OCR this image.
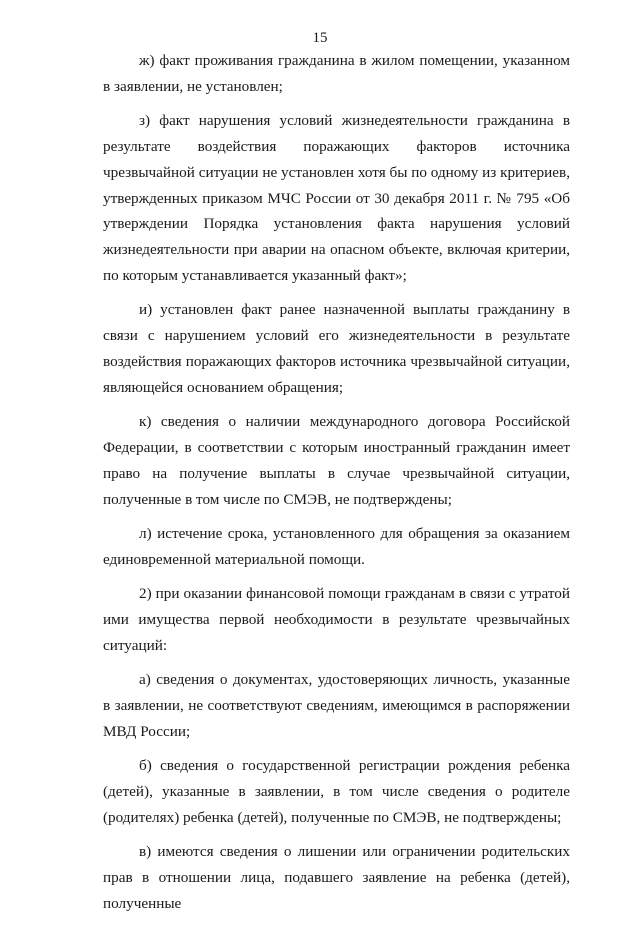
15

ж) факт проживания гражданина в жилом помещении, указанном в заявлении, не установлен;

з) факт нарушения условий жизнедеятельности гражданина в результате воздействия поражающих факторов источника чрезвычайной ситуации не установлен хотя бы по одному из критериев, утвержденных приказом МЧС России от 30 декабря 2011 г. № 795 «Об утверждении Порядка установления факта нарушения условий жизнедеятельности при аварии на опасном объекте, включая критерии, по которым устанавливается указанный факт»;

и) установлен факт ранее назначенной выплаты гражданину в связи с нарушением условий его жизнедеятельности в результате воздействия поражающих факторов источника чрезвычайной ситуации, являющейся основанием обращения;

к) сведения о наличии международного договора Российской Федерации, в соответствии с которым иностранный гражданин имеет право на получение выплаты в случае чрезвычайной ситуации, полученные в том числе по СМЭВ, не подтверждены;

л) истечение срока, установленного для обращения за оказанием единовременной материальной помощи.

2) при оказании финансовой помощи гражданам в связи с утратой ими имущества первой необходимости в результате чрезвычайных ситуаций:

а) сведения о документах, удостоверяющих личность, указанные в заявлении, не соответствуют сведениям, имеющимся в распоряжении МВД России;

б) сведения о государственной регистрации рождения ребенка (детей), указанные в заявлении, в том числе сведения о родителе (родителях) ребенка (детей), полученные по СМЭВ, не подтверждены;

в) имеются сведения о лишении или ограничении родительских прав в отношении лица, подавшего заявление на ребенка (детей), полученные
